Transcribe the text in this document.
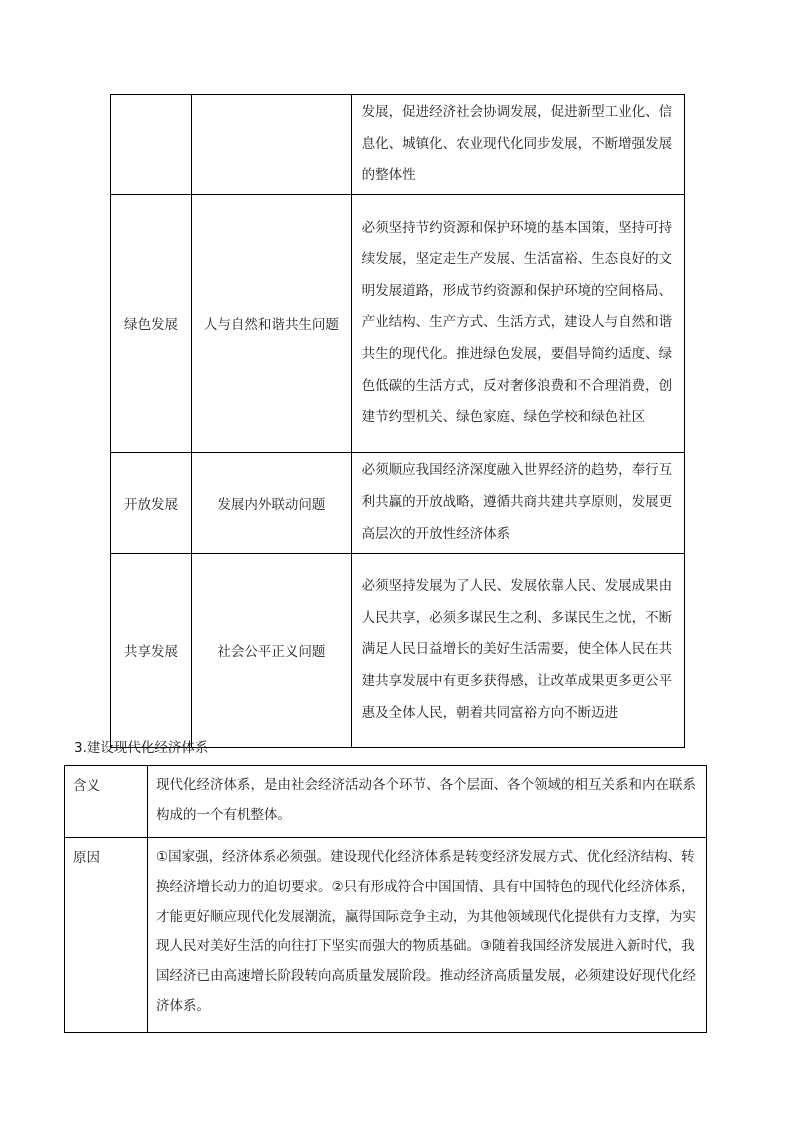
		发展，促进经济社会协调发展，促进新型工业化、信息化、城镇化、农业现代化同步发展，不断增强发展的整体性
绿色发展	人与自然和谐共生问题	必须坚持节约资源和保护环境的基本国策，坚持可持续发展，坚定走生产发展、生活富裕、生态良好的文明发展道路，形成节约资源和保护环境的空间格局、产业结构、生产方式、生活方式，建设人与自然和谐共生的现代化。推进绿色发展，要倡导简约适度、绿色低碳的生活方式，反对奢侈浪费和不合理消费，创建节约型机关、绿色家庭、绿色学校和绿色社区
开放发展	发展内外联动问题	必须顺应我国经济深度融入世界经济的趋势，奉行互利共赢的开放战略，遵循共商共建共享原则，发展更高层次的开放性经济体系
共享发展	社会公平正义问题	必须坚持发展为了人民、发展依靠人民、发展成果由人民共享，必须多谋民生之利、多谋民生之忧，不断满足人民日益增长的美好生活需要，使全体人民在共建共享发展中有更多获得感，让改革成果更多更公平惠及全体人民，朝着共同富裕方向不断迈进
3.建设现代化经济体系
含义	现代化经济体系，是由社会经济活动各个环节、各个层面、各个领域的相互关系和内在联系构成的一个有机整体。
原因	①国家强，经济体系必须强。建设现代化经济体系是转变经济发展方式、优化经济结构、转换经济增长动力的迫切要求。②只有形成符合中国国情、具有中国特色的现代化经济体系，才能更好顺应现代化发展潮流，赢得国际竞争主动，为其他领域现代化提供有力支撑，为实现人民对美好生活的向往打下坚实而强大的物质基础。③随着我国经济发展进入新时代，我国经济已由高速增长阶段转向高质量发展阶段。推动经济高质量发展，必须建设好现代化经济体系。
